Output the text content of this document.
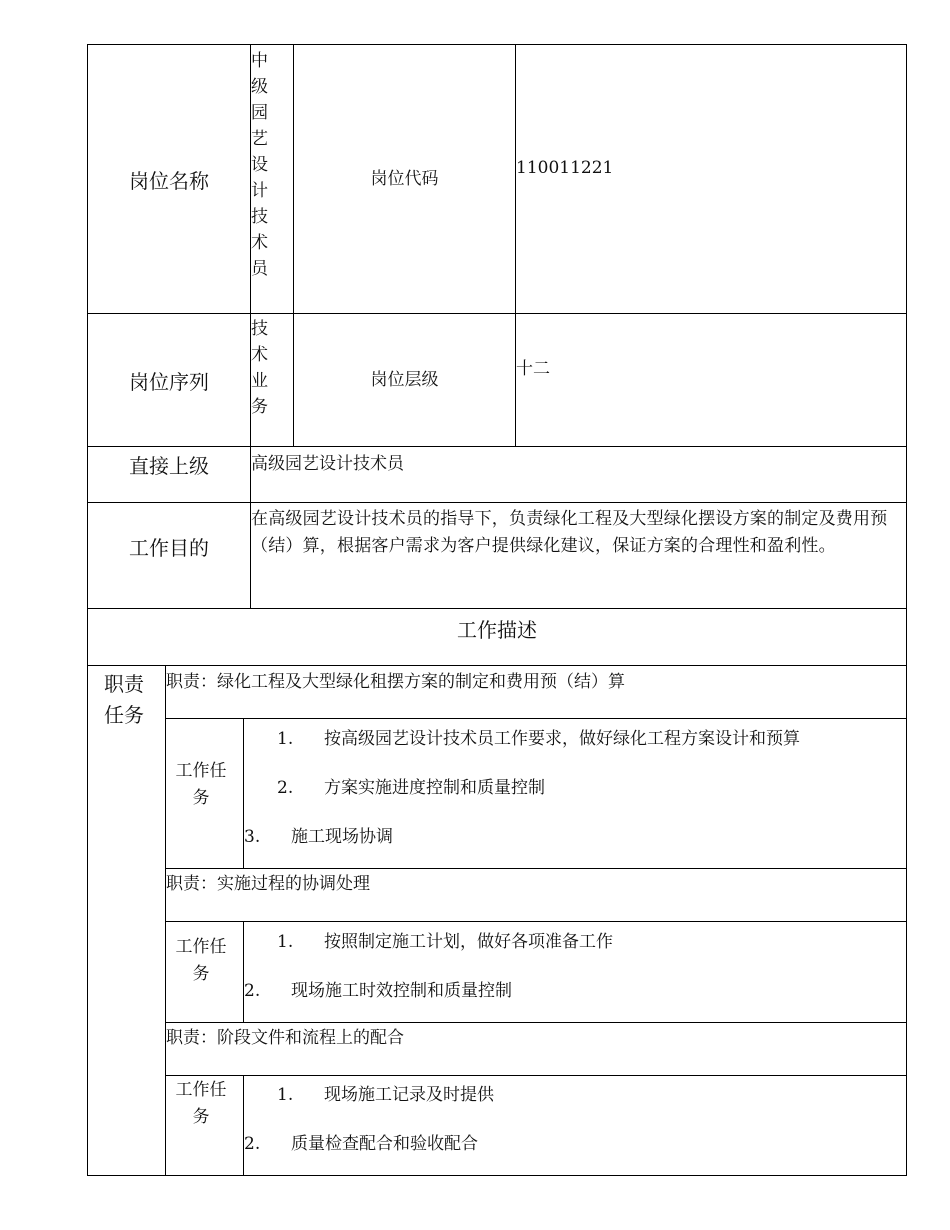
岗位名称
中级园艺设计技术员
岗位代码
110011221
岗位序列
技术业务
岗位层级
十二
直接上级	高级园艺设计技术员
工作目的
在高级园艺设计技术员的指导下，负责绿化工程及大型绿化摆设方案的制定及费用预（结）算，根据客户需求为客户提供绿化建议，保证方案的合理性和盈利性。
工作描述
职责任务
职责：绿化工程及大型绿化租摆方案的制定和费用预（结）算
工作任务
1. 按高级园艺设计技术员工作要求，做好绿化工程方案设计和预算
2. 方案实施进度控制和质量控制
3. 施工现场协调
职责：实施过程的协调处理
工作任务
1. 按照制定施工计划，做好各项准备工作
2. 现场施工时效控制和质量控制
职责：阶段文件和流程上的配合
工作任务
1. 现场施工记录及时提供
2. 质量检查配合和验收配合
